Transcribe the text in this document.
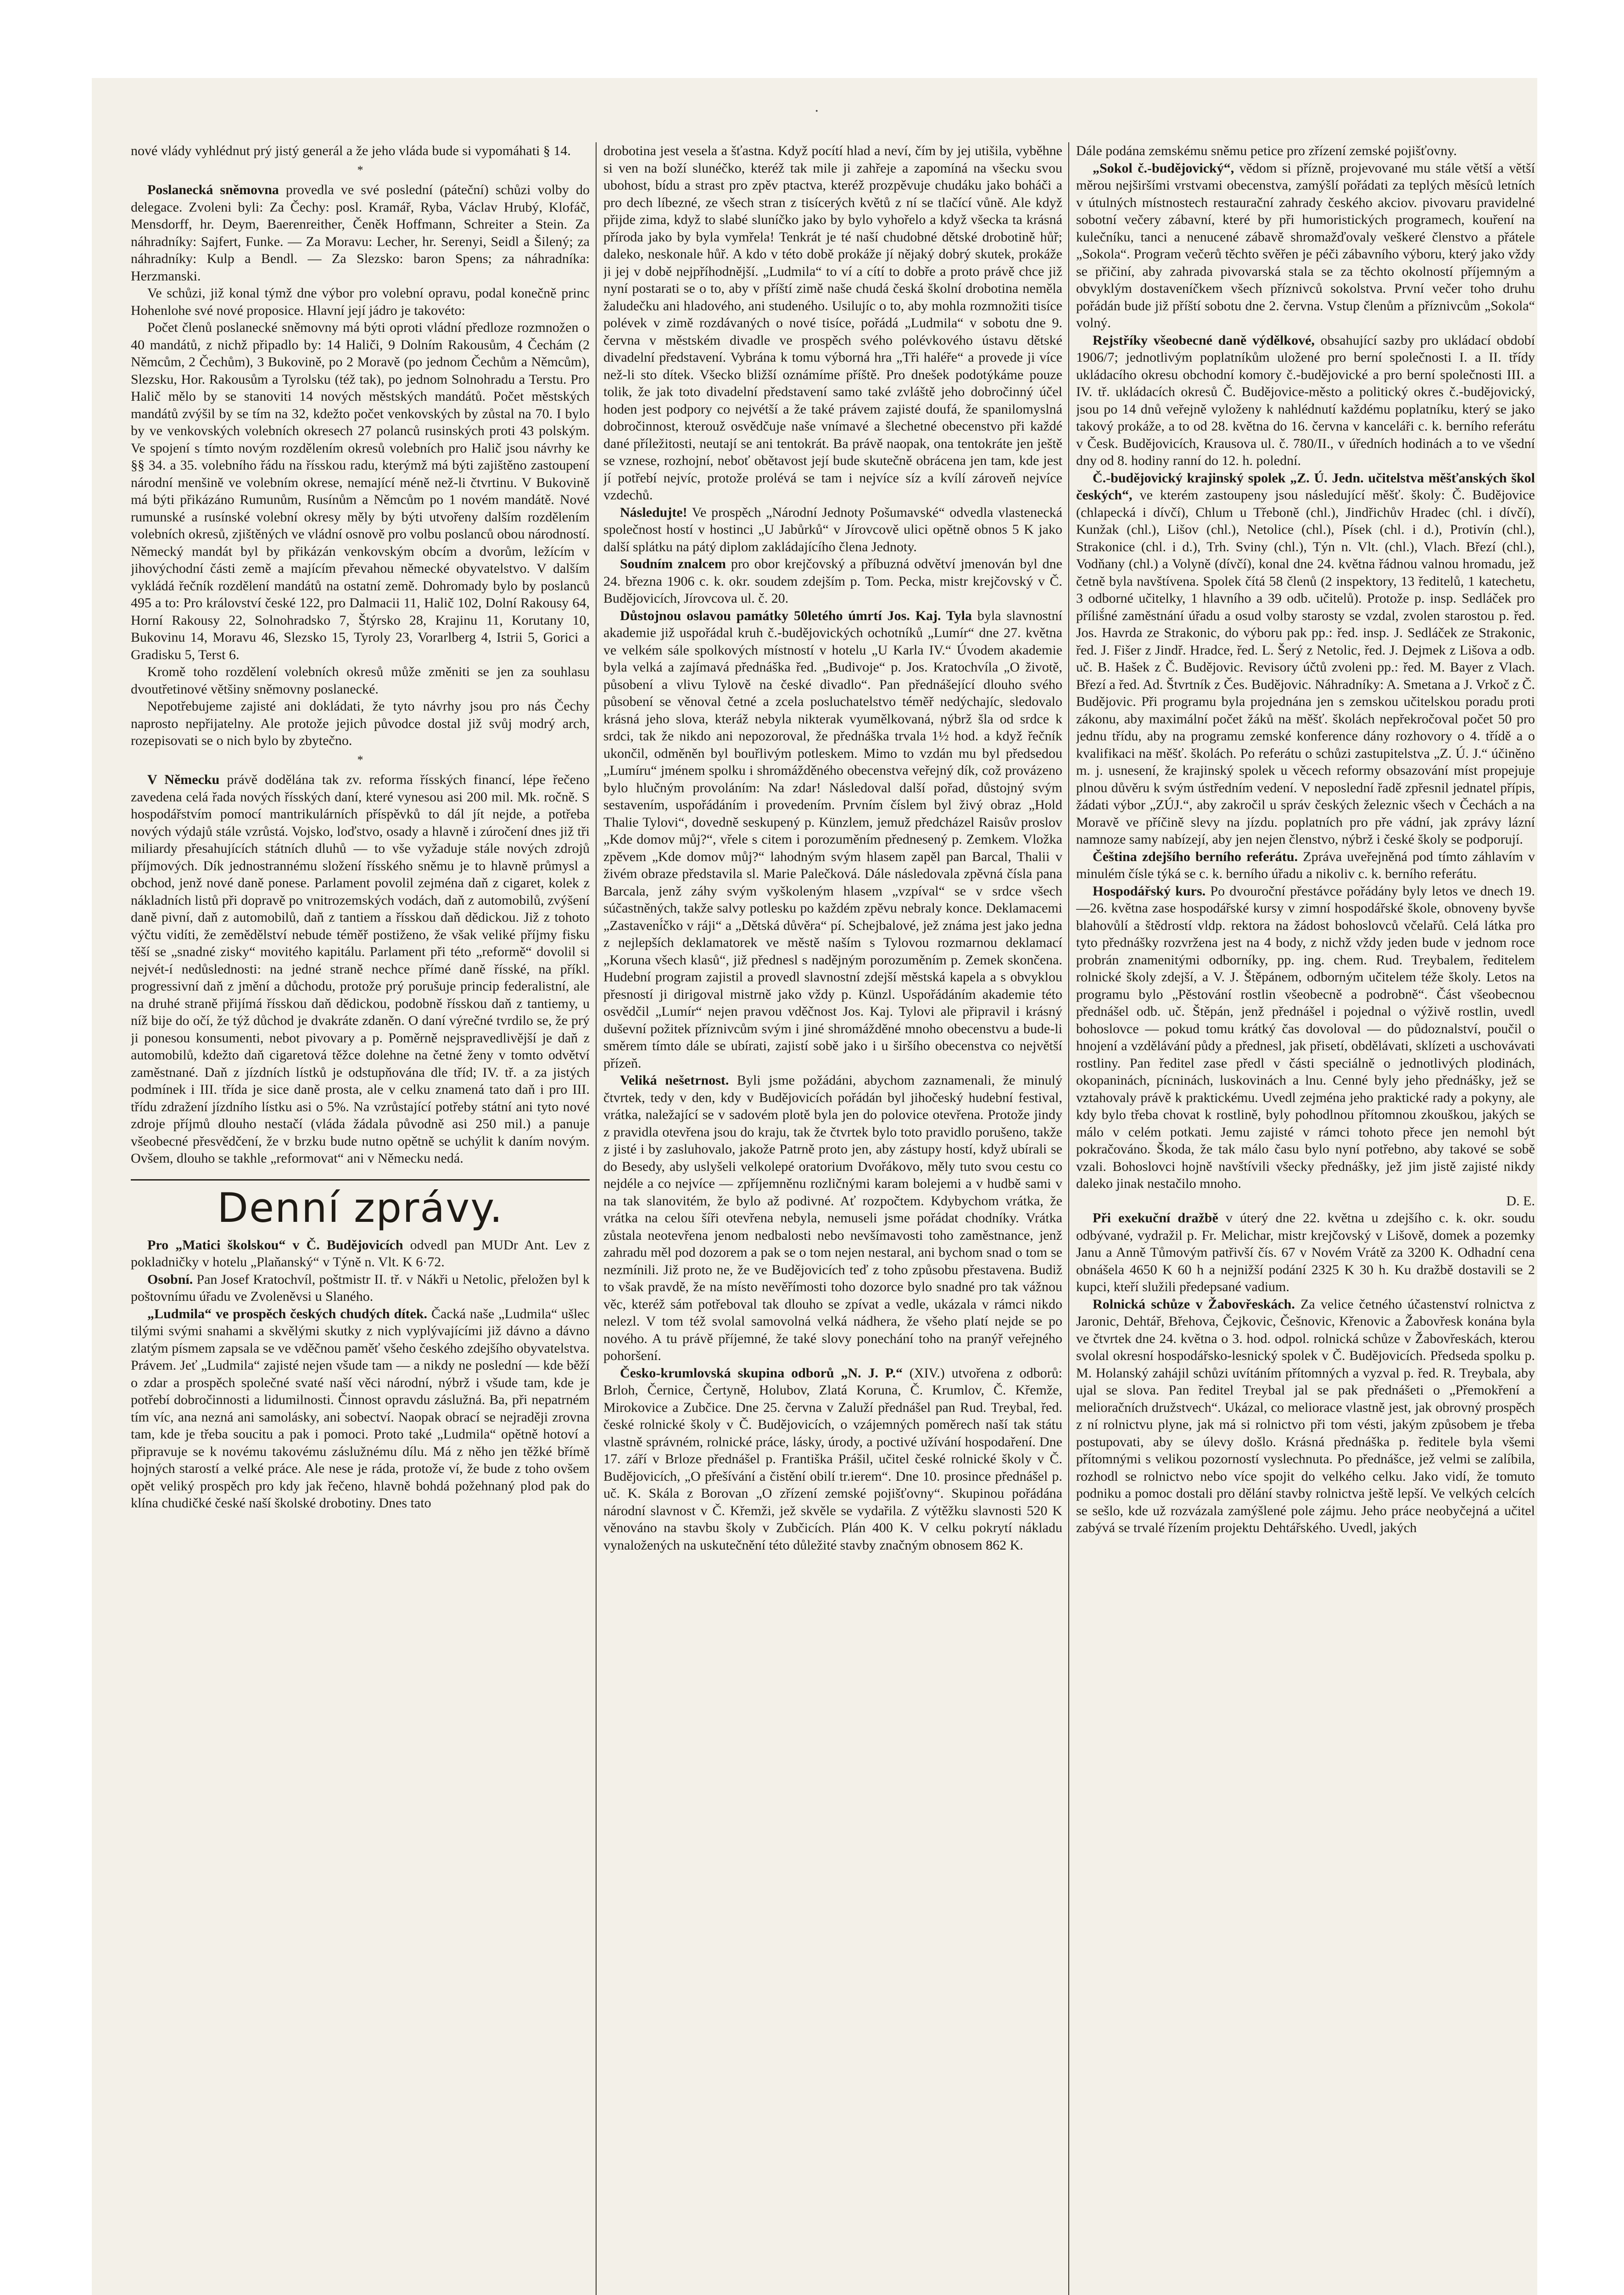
nové vlády vyhlédnut prý jistý generál a že jeho vláda bude si vypomáhati § 14.

*

Poslanecká sněmovna provedla ve své poslední (páteční) schůzi volby do delegace. Zvoleni byli: Za Čechy: posl. Kramář, Ryba, Václav Hrubý, Klofáč, Mensdorff, hr. Deym, Baerenreither, Čeněk Hoffmann, Schreiter a Stein. Za náhradníky: Sajfert, Funke. — Za Moravu: Lecher, hr. Serenyi, Seidl a Šilený; za náhradníky: Kulp a Bendl. — Za Slezsko: baron Spens; za náhradníka: Herzmanski.

Ve schůzi, již konal týmž dne výbor pro volební opravu, podal konečně princ Hohenlohe své nové proposice. Hlavní její jádro je takovéto:

Počet členů poslanecké sněmovny má býti oproti vládní předloze rozmnožen o 40 mandátů, z nichž připadlo by: 14 Haliči, 9 Dolním Rakousům, 4 Čechám (2 Němcům, 2 Čechům), 3 Bukovině, po 2 Moravě (po jednom Čechům a Němcům), Slezsku, Hor. Rakousům a Tyrolsku (též tak), po jednom Solnohradu a Terstu. Pro Halič mělo by se stanoviti 14 nových městských mandátů. Počet městských mandátů zvýšil by se tím na 32, kdežto počet venkovských by zůstal na 70. I bylo by ve venkovských volebních okresech 27 polanců rusinských proti 43 polským. Ve spojení s tímto novým rozdělením okresů volebních pro Halič jsou návrhy ke §§ 34. a 35. volebního řádu na řísskou radu, kterýmž má býti zajištěno zastoupení národní menšině ve volebním okrese, nemající méně než-li čtvrtinu. V Bukovině má býti přikázáno Rumunům, Rusínům a Němcům po 1 novém mandátě. Nové rumunské a rusínské volební okresy měly by býti utvořeny dalším rozdělením volebních okresů, zjištěných ve vládní osnově pro volbu poslanců obou národností. Německý mandát byl by přikázán venkovským obcím a dvorům, ležícím v jihovýchodní části země a majícím převahou německé obyvatelstvo. V dalším vykládá řečník rozdělení mandátů na ostatní země. Dohromady bylo by poslanců 495 a to: Pro království české 122, pro Dalmacii 11, Halič 102, Dolní Rakousy 64, Horní Rakousy 22, Solnohradsko 7, Štýrsko 28, Krajinu 11, Korutany 10, Bukovinu 14, Moravu 46, Slezsko 15, Tyroly 23, Vorarlberg 4, Istrii 5, Gorici a Gradisku 5, Terst 6.

Kromě toho rozdělení volebních okresů může změniti se jen za souhlasu dvoutřetinové většiny sněmovny poslanecké.

Nepotřebujeme zajisté ani dokládati, že tyto návrhy jsou pro nás Čechy naprosto nepřijatelny. Ale protože jejich původce dostal již svůj modrý arch, rozepisovati se o nich bylo by zbytečno.

*

V Německu právě dodělána tak zv. reforma řísských financí, lépe řečeno zavedena celá řada nových řísských daní, které vynesou asi 200 mil. Mk. ročně. S hospodářstvím pomocí mantrikulárních příspěvků to dál jít nejde, a potřeba nových výdajů stále vzrůstá. Vojsko, loďstvo, osady a hlavně i zúročení dnes již tři miliardy přesahujících státních dluhů — to vše vyžaduje stále nových zdrojů příjmových. Dík jednostrannému složení řísského sněmu je to hlavně průmysl a obchod, jenž nové daně ponese. Parlament povolil zejména daň z cigaret, kolek z nákladních listů při dopravě po vnitrozemských vodách, daň z automobilů, zvýšení daně pivní, daň z automobilů, daň z tantiem a řísskou daň dědickou. Již z tohoto výčtu vidíti, že zemědělství nebude téměř postiženo, že však veliké příjmy fisku těší se „snadné zisky“ movitého kapitálu. Parlament při této „reformě“ dovolil si nejvét-í nedůslednosti: na jedné straně nechce přímé daně řísské, na příkl. progressivní daň z jmění a důchodu, protože prý porušuje princip federalistní, ale na druhé straně přijímá řísskou daň dědickou, podobně řísskou daň z tantiemy, u níž bije do očí, že týž důchod je dvakráte zdaněn. O daní výrečné tvrdilo se, že prý ji ponesou konsumenti, nebot pivovary a p. Poměrně nejspravedlivější je daň z automobilů, kdežto daň cigaretová těžce dolehne na četné ženy v tomto odvětví zaměstnané. Daň z jízdních lístků je odstupňována dle tříd; IV. tř. a za jistých podmínek i III. třída je sice daně prosta, ale v celku znamená tato daň i pro III. třídu zdražení jízdního lístku asi o 5%. Na vzrůstající potřeby státní ani tyto nové zdroje příjmů dlouho nestačí (vláda žádala původně asi 250 mil.) a panuje všeobecné přesvědčení, že v brzku bude nutno opětně se uchýlit k daním novým. Ovšem, dlouho se takhle „reformovat“ ani v Německu nedá.

Denní zprávy.

Pro „Matici školskou“ v Č. Budějovicích odvedl pan MUDr Ant. Lev z pokladničky v hotelu „Plaňanský“ v Týně n. Vlt. K 6·72.

Osobní. Pan Josef Kratochvíl, poštmistr II. tř. v Nákři u Netolic, přeložen byl k poštovnímu úřadu ve Zvoleněvsi u Slaného.

„Ludmila“ ve prospěch českých chudých dítek. Čacká naše „Ludmila“ ušlec tilými svými snahami a skvělými skutky z nich vyplývajícími již dávno a dávno zlatým písmem zapsala se ve vděčnou paměť všeho českého zdejšího obyvatelstva. Právem. Jeť „Ludmila“ zajisté nejen všude tam — a nikdy ne poslední — kde běží o zdar a prospěch společné svaté naší věci národní, nýbrž i všude tam, kde je potřebí dobročinnosti a lidumilnosti. Činnost opravdu záslužná. Ba, při nepatrném tím víc, ana nezná ani samolásky, ani sobectví. Naopak obrací se nejraději zrovna tam, kde je třeba soucitu a pak i pomoci. Proto také „Ludmila“ opětně hotoví a připravuje se k novému takovému záslužnému dílu. Má z něho jen těžké břímě hojných starostí a velké práce. Ale nese je ráda, protože ví, že bude z toho ovšem opět veliký prospěch pro kdy jak řečeno, hlavně bohdá požehnaný plod pak do klína chudičké české naší školské drobotiny. Dnes tato

drobotina jest vesela a šťastna. Když pocítí hlad a neví, čím by jej utišila, vyběhne si ven na boží slunéčko, kteréž tak mile ji zahřeje a zapomíná na všecku svou ubohost, bídu a strast pro zpěv ptactva, kteréž prozpěvuje chudáku jako boháči a pro dech líbezné, ze všech stran z tisícerých květů z ní se tlačící vůně. Ale když přijde zima, když to slabé sluníčko jako by bylo vyhořelo a když všecka ta krásná příroda jako by byla vymřela! Tenkrát je té naší chudobné dětské drobotině hůř; daleko, neskonale hůř. A kdo v této době prokáže jí nějaký dobrý skutek, prokáže ji jej v době nejpříhodnější. „Ludmila“ to ví a cítí to dobře a proto právě chce již nyní postarati se o to, aby v příští zimě naše chudá česká školní drobotina neměla žaludečku ani hladového, ani studeného. Usilujíc o to, aby mohla rozmnožiti tisíce polévek v zimě rozdávaných o nové tisíce, pořádá „Ludmila“ v sobotu dne 9. června v městském divadle ve prospěch svého polévkového ústavu dětské divadelní představení. Vybrána k tomu výborná hra „Tři haléře“ a provede ji více než-li sto dítek. Všecko bližší oznámíme příště. Pro dnešek podotýkáme pouze tolik, že jak toto divadelní představení samo také zvláště jeho dobročinný účel hoden jest podpory co nejvétší a že také právem zajisté doufá, že spanilomyslná dobročinnost, kterouž osvědčuje naše vnímavé a šlechetné obecenstvo při každé dané příležitosti, neutají se ani tentokrát. Ba právě naopak, ona tentokráte jen ještě se vznese, rozhojní, neboť obětavost její bude skutečně obrácena jen tam, kde jest jí potřebí nejvíc, protože prolévá se tam i nejvíce síz a kvílí zároveň nejvíce vzdechů.

Následujte! Ve prospěch „Národní Jednoty Pošumavské“ odvedla vlastenecká společnost hostí v hostinci „U Jabůrků“ v Jírovcově ulici opětně obnos 5 K jako další splátku na pátý diplom zakládajícího člena Jednoty.

Soudním znalcem pro obor krejčovský a příbuzná odvětví jmenován byl dne 24. března 1906 c. k. okr. soudem zdejším p. Tom. Pecka, mistr krejčovský v Č. Budějovicích, Jírovcova ul. č. 20.

Důstojnou oslavou památky 50letého úmrtí Jos. Kaj. Tyla byla slavnostní akademie již uspořádal kruh č.-budějovických ochotníků „Lumír“ dne 27. května ve velkém sále spolkových místností v hotelu „U Karla IV.“ Úvodem akademie byla velká a zajímavá přednáška řed. „Budivoje“ p. Jos. Kratochvíla „O životě, působení a vlivu Tylově na české divadlo“. Pan přednášející dlouho svého působení se věnoval četné a zcela posluchatelstvo téměř nedýchajíc, sledovalo krásná jeho slova, kteráž nebyla nikterak vyumělkovaná, nýbrž šla od srdce k srdci, tak že nikdo ani nepozoroval, že přednáška trvala 1½ hod. a když řečník ukončil, odměněn byl bouřlivým potleskem. Mimo to vzdán mu byl předsedou „Lumíru“ jménem spolku i shromážděného obecenstva veřejný dík, což provázeno bylo hlučným provoláním: Na zdar! Následoval další pořad, důstojný svým sestavením, uspořádáním i provedením. Prvním číslem byl živý obraz „Hold Thalie Tylovi“, dovedně seskupený p. Künzlem, jemuž předcházel Raisův proslov „Kde domov můj?“, vřele s citem i porozuměním přednesený p. Zemkem. Vložka zpěvem „Kde domov můj?“ lahodným svým hlasem zapěl pan Barcal, Thalii v živém obraze představila sl. Marie Palečková. Dále následovala zpěvná čísla pana Barcala, jenž záhy svým vyškoleným hlasem „vzpíval“ se v srdce všech súčastněných, takže salvy potlesku po každém zpěvu nebraly konce. Deklamacemi „Zastavení́čko v ráji“ a „Dětská důvěra“ pí. Schejbalové, jež známa jest jako jedna z nejlepších deklamatorek ve městě naším s Tylovou rozmarnou deklamací „Koruna všech klasů“, již přednesl s nadějným porozuměním p. Zemek skončena. Hudební program zajistil a provedl slavnostní zdejší městská kapela a s obvyklou přesností ji dirigoval mistrně jako vždy p. Künzl. Uspořádáním akademie této osvědčil „Lumír“ nejen pravou vděčnost Jos. Kaj. Tylovi ale připravil i krásný duševní požitek příznivcům svým i jiné shromážděné mnoho obecenstvu a bude-li směrem tímto dále se ubírati, zajistí sobě jako i u širšího obecenstva co největší přízeň.

Veliká nešetrnost. Byli jsme požádáni, abychom zaznamenali, že minulý čtvrtek, tedy v den, kdy v Budějovicích pořádán byl jihočeský hudební festival, vrátka, naležající se v sadovém plotě byla jen do polovice otevřena. Protože jindy z pravidla otevřena jsou do kraju, tak že čtvrtek bylo toto pravidlo porušeno, takže z jisté i by zasluhovalo, jakože Patrně proto jen, aby zástupy hostí, když ubírali se do Besedy, aby uslyšeli velkolepé oratorium Dvořákovo, měly tuto svou cestu co nejdéle a co nejvíce — zpříjemněnu rozličnými karam bolejemi a v hudbě sami v na tak slanovitém, že bylo až podivné. Ať rozpočtem. Kdybychom vrátka, že vrátka na celou šíři otevřena nebyla, nemuseli jsme pořádat chodníky. Vrátka zůstala neotevřena jenom nedbalosti nebo nevšímavosti toho zaměstnance, jenž zahradu měl pod dozorem a pak se o tom nejen nestaral, ani bychom snad o tom se nezmínili. Již proto ne, že ve Budějovicích teď z toho způsobu přestavena. Budiž to však pravdě, že na místo nevěřímosti toho dozorce bylo snadné pro tak vážnou věc, kteréž sám potřeboval tak dlouho se zpívat a vedle, ukázala v rámci nikdo nelezl. V tom též svolal samovolná velká nádhera, že všeho platí nejde se po nového. A tu právě příjemné, že také slovy ponechání toho na pranýř veřejného pohoršení.

Česko-krumlovská skupina odborů „N. J. P.“ (XIV.) utvořena z odborů: Brloh, Černice, Čertyně, Holubov, Zlatá Koruna, Č. Krumlov, Č. Křemže, Mirokovice a Zubčice. Dne 25. června v Zaluží přednášel pan Rud. Treybal, řed. české rolnické školy v Č. Budějovicích, o vzájemných poměrech naší tak státu vlastně správném, rolnické práce, lásky, úrody, a poctivé užívání hospodaření. Dne 17. září v Brloze přednášel p. Františka Prášil, učitel české rolnické školy v Č. Budějovicích, „O přešívání a čistění obilí tr.ierem“. Dne 10. prosince přednášel p. uč. K. Skála z Borovan „O zřízení zemské pojišťovny“. Skupinou pořádána národní slavnost v Č. Křemži, jež skvěle se vydařila. Z výtěžku slavnosti 520 K věnováno na stavbu školy v Zubčicích. Plán 400 K. V celku pokrytí nákladu vynaložených na uskutečnění této důležité stavby značným obnosem 862 K.

Dále podána zemskému sněmu petice pro zřízení zemské pojišťovny.

„Sokol č.-budějovický“, vědom si přízně, projevované mu stále větší a větší měrou nejširšími vrstvami obecenstva, zamýšlí pořádati za teplých měsíců letních v útulných místnostech restaurační zahrady českého akciov. pivovaru pravidelné sobotní večery zábavní, které by při humoristických programech, kouření na kulečníku, tanci a nenucené zábavě shromažďovaly veškeré členstvo a přátele „Sokola“. Program večerů těchto svěřen je péči zábavního výboru, který jako vždy se přičiní, aby zahrada pivovarská stala se za těchto okolností příjemným a obvyklým dostaveníčkem všech příznivců sokolstva. První večer toho druhu pořádán bude již příští sobotu dne 2. června. Vstup členům a příznivcům „Sokola“ volný.

Rejstříky všeobecné daně výdělkové, obsahující sazby pro ukládací období 1906/7; jednotlivým poplatníkům uložené pro berní společnosti I. a II. třídy ukládacího okresu obchodní komory č.-budějovické a pro berní společnosti III. a IV. tř. ukládacích okresů Č. Budějovice-město a politický okres č.-budějovický, jsou po 14 dnů veřejně vyloženy k nahlédnutí každému poplatníku, který se jako takový prokáže, a to od 28. května do 16. června v kanceláři c. k. berního referátu v Česk. Budějovicích, Krausova ul. č. 780/II., v úředních hodinách a to ve všední dny od 8. hodiny ranní do 12. h. polední.

Č.-budějovický krajinský spolek „Z. Ú. Jedn. učitelstva měšťanských škol českých“, ve kterém zastoupeny jsou následující měšť. školy: Č. Budějovice (chlapecká i dívčí), Chlum u Třeboně (chl.), Jindřichův Hradec (chl. i dívčí), Kunžak (chl.), Lišov (chl.), Netolice (chl.), Písek (chl. i d.), Protivín (chl.), Strakonice (chl. i d.), Trh. Sviny (chl.), Týn n. Vlt. (chl.), Vlach. Březí (chl.), Vodňany (chl.) a Volyně (dívčí), konal dne 24. května řádnou valnou hromadu, jež četně byla navštívena. Spolek čítá 58 členů (2 inspektory, 13 ředitelů, 1 katechetu, 3 odborné učitelky, 1 hlavního a 39 odb. učitelů). Protože p. insp. Sedláček pro příliš́né zaměstnání úřadu a osud volby starosty se vzdal, zvolen starostou p. řed. Jos. Havrda ze Strakonic, do výboru pak pp.: řed. insp. J. Sedláček ze Strakonic, řed. J. Fišer z Jindř. Hradce, řed. L. Šerý z Netolic, řed. J. Dejmek z Lišova a odb. uč. B. Hašek z Č. Budějovic. Revisory účtů zvoleni pp.: řed. M. Bayer z Vlach. Březí a řed. Ad. Štvrtník z Čes. Budějovic. Náhradníky: A. Smetana a J. Vrkoč z Č. Budějovic. Při programu byla projednána jen s zemskou učitelskou poradu proti zákonu, aby maximální počet žáků na měšť. školách nepřekročoval počet 50 pro jednu třídu, aby na programu zemské konference dány rozhovory o 4. třídě a o kvalifikaci na měšť. školách. Po referátu o schůzi zastupitelstva „Z. Ú. J.“ účiněno m. j. usnesení, že krajinský spolek u věcech reformy obsazování míst propejuje plnou důvěru k svým ústředním vedení. V neposlední řadě zpřesnil jednatel přípis, žádati výbor „ZÚJ.“, aby zakročil u správ českých železnic všech v Čechách a na Moravě ve příčině slevy na jízdu. poplatních pro pře vádní, jak zprávy lázní namnoze samy nabízejí, aby jen nejen členstvo, nýbrž i české školy se podporují.

Čeština zdejšího berního referátu. Zpráva uveřejněná pod tímto záhlavím v minulém čísle týká se c. k. berního úřadu a nikoliv c. k. berního referátu.

Hospodářský kurs. Po dvouroční přestávce pořádány byly letos ve dnech 19.—26. května zase hospodářské kursy v zimní hospodářské škole, obnoveny byvše blahovůlí a štědrostí vldp. rektora na žádost bohoslovců včelařů. Celá látka pro tyto přednášky rozvržena jest na 4 body, z nichž vždy jeden bude v jednom roce probrán znamenitými odborníky, pp. ing. chem. Rud. Treybalem, ředitelem rolnické školy zdejší, a V. J. Štěpánem, odborným učitelem téže školy. Letos na programu bylo „Pěstování rostlin všeobecně a podrobně“. Část všeobecnou přednášel odb. uč. Štěpán, jenž přednášel i pojednal o výživě rostlin, uvedl bohoslovce — pokud tomu krátký čas dovoloval — do půdoznalství, poučil o hnojení a vzdělávání půdy a přednesl, jak přisetí, obdělávati, sklízeti a uschovávati rostliny. Pan ředitel zase předl v části speciálně o jednotlivých plodinách, okopaninách, pícninách, luskovinách a lnu. Cenné byly jeho přednášky, jež se vztahovaly právě k praktickému. Uvedl zejména jeho praktické rady a pokyny, ale kdy bylo třeba chovat k rostlině, byly pohodlnou přítomnou zkouškou, jakých se málo v celém potkati. Jemu zajisté v rámci tohoto přece jen nemohl být pokračováno. Škoda, že tak málo času bylo nyní potřebno, aby takové se sobě vzali. Bohoslovci hojně navštívili všecky přednášky, jež jim jistě zajisté nikdy daleko jinak nestačilo mnoho.

D. E.

Při exekuční dražbě v úterý dne 22. května u zdejšího c. k. okr. soudu odbývané, vydražil p. Fr. Melichar, mistr krejčovský v Lišově, domek a pozemky Janu a Anně Tůmovým patřivší čís. 67 v Novém Vrátě za 3200 K. Odhadní cena obnášela 4650 K 60 h a nejnižší podání 2325 K 30 h. Ku dražbě dostavili se 2 kupci, kteří služili předepsané vadium.

Rolnická schůze v Žabovřeskách. Za velice četného účastenství rolnictva z Jaronic, Dehtář, Břehova, Čejkovic, Češnovic, Křenovic a Žabovřesk konána byla ve čtvrtek dne 24. května o 3. hod. odpol. rolnická schůze v Žabovřeskách, kterou svolal okresní hospodářsko-lesnický spolek v Č. Budějovicích. Předseda spolku p. M. Holanský zahájil schůzi uvítáním přítomných a vyzval p. řed. R. Treybala, aby ujal se slova. Pan ředitel Treybal jal se pak přednášeti o „Přemokření a melioračních družstvech“. Ukázal, co meliorace vlastně jest, jak obrovný prospěch z ní rolnictvu plyne, jak má si rolnictvo při tom vésti, jakým způsobem je třeba postupovati, aby se úlevy došlo. Krásná přednáška p. ředitele byla všemi přítomnými s velikou pozorností vyslechnuta. Po přednášce, jež velmi se zalíbila, rozhodl se rolnictvo nebo více spojit do velkého celku. Jako vidí, že tomuto podniku a pomoc dostali pro dělání stavby rolnictva ještě lepší. Ve velkých celcích se sešlo, kde už rozvázala zamýšlené pole zájmu. Jeho práce neobyčejná a učitel zabývá se trvalé řízením projektu Dehtářského. Uvedl, jakých

·
